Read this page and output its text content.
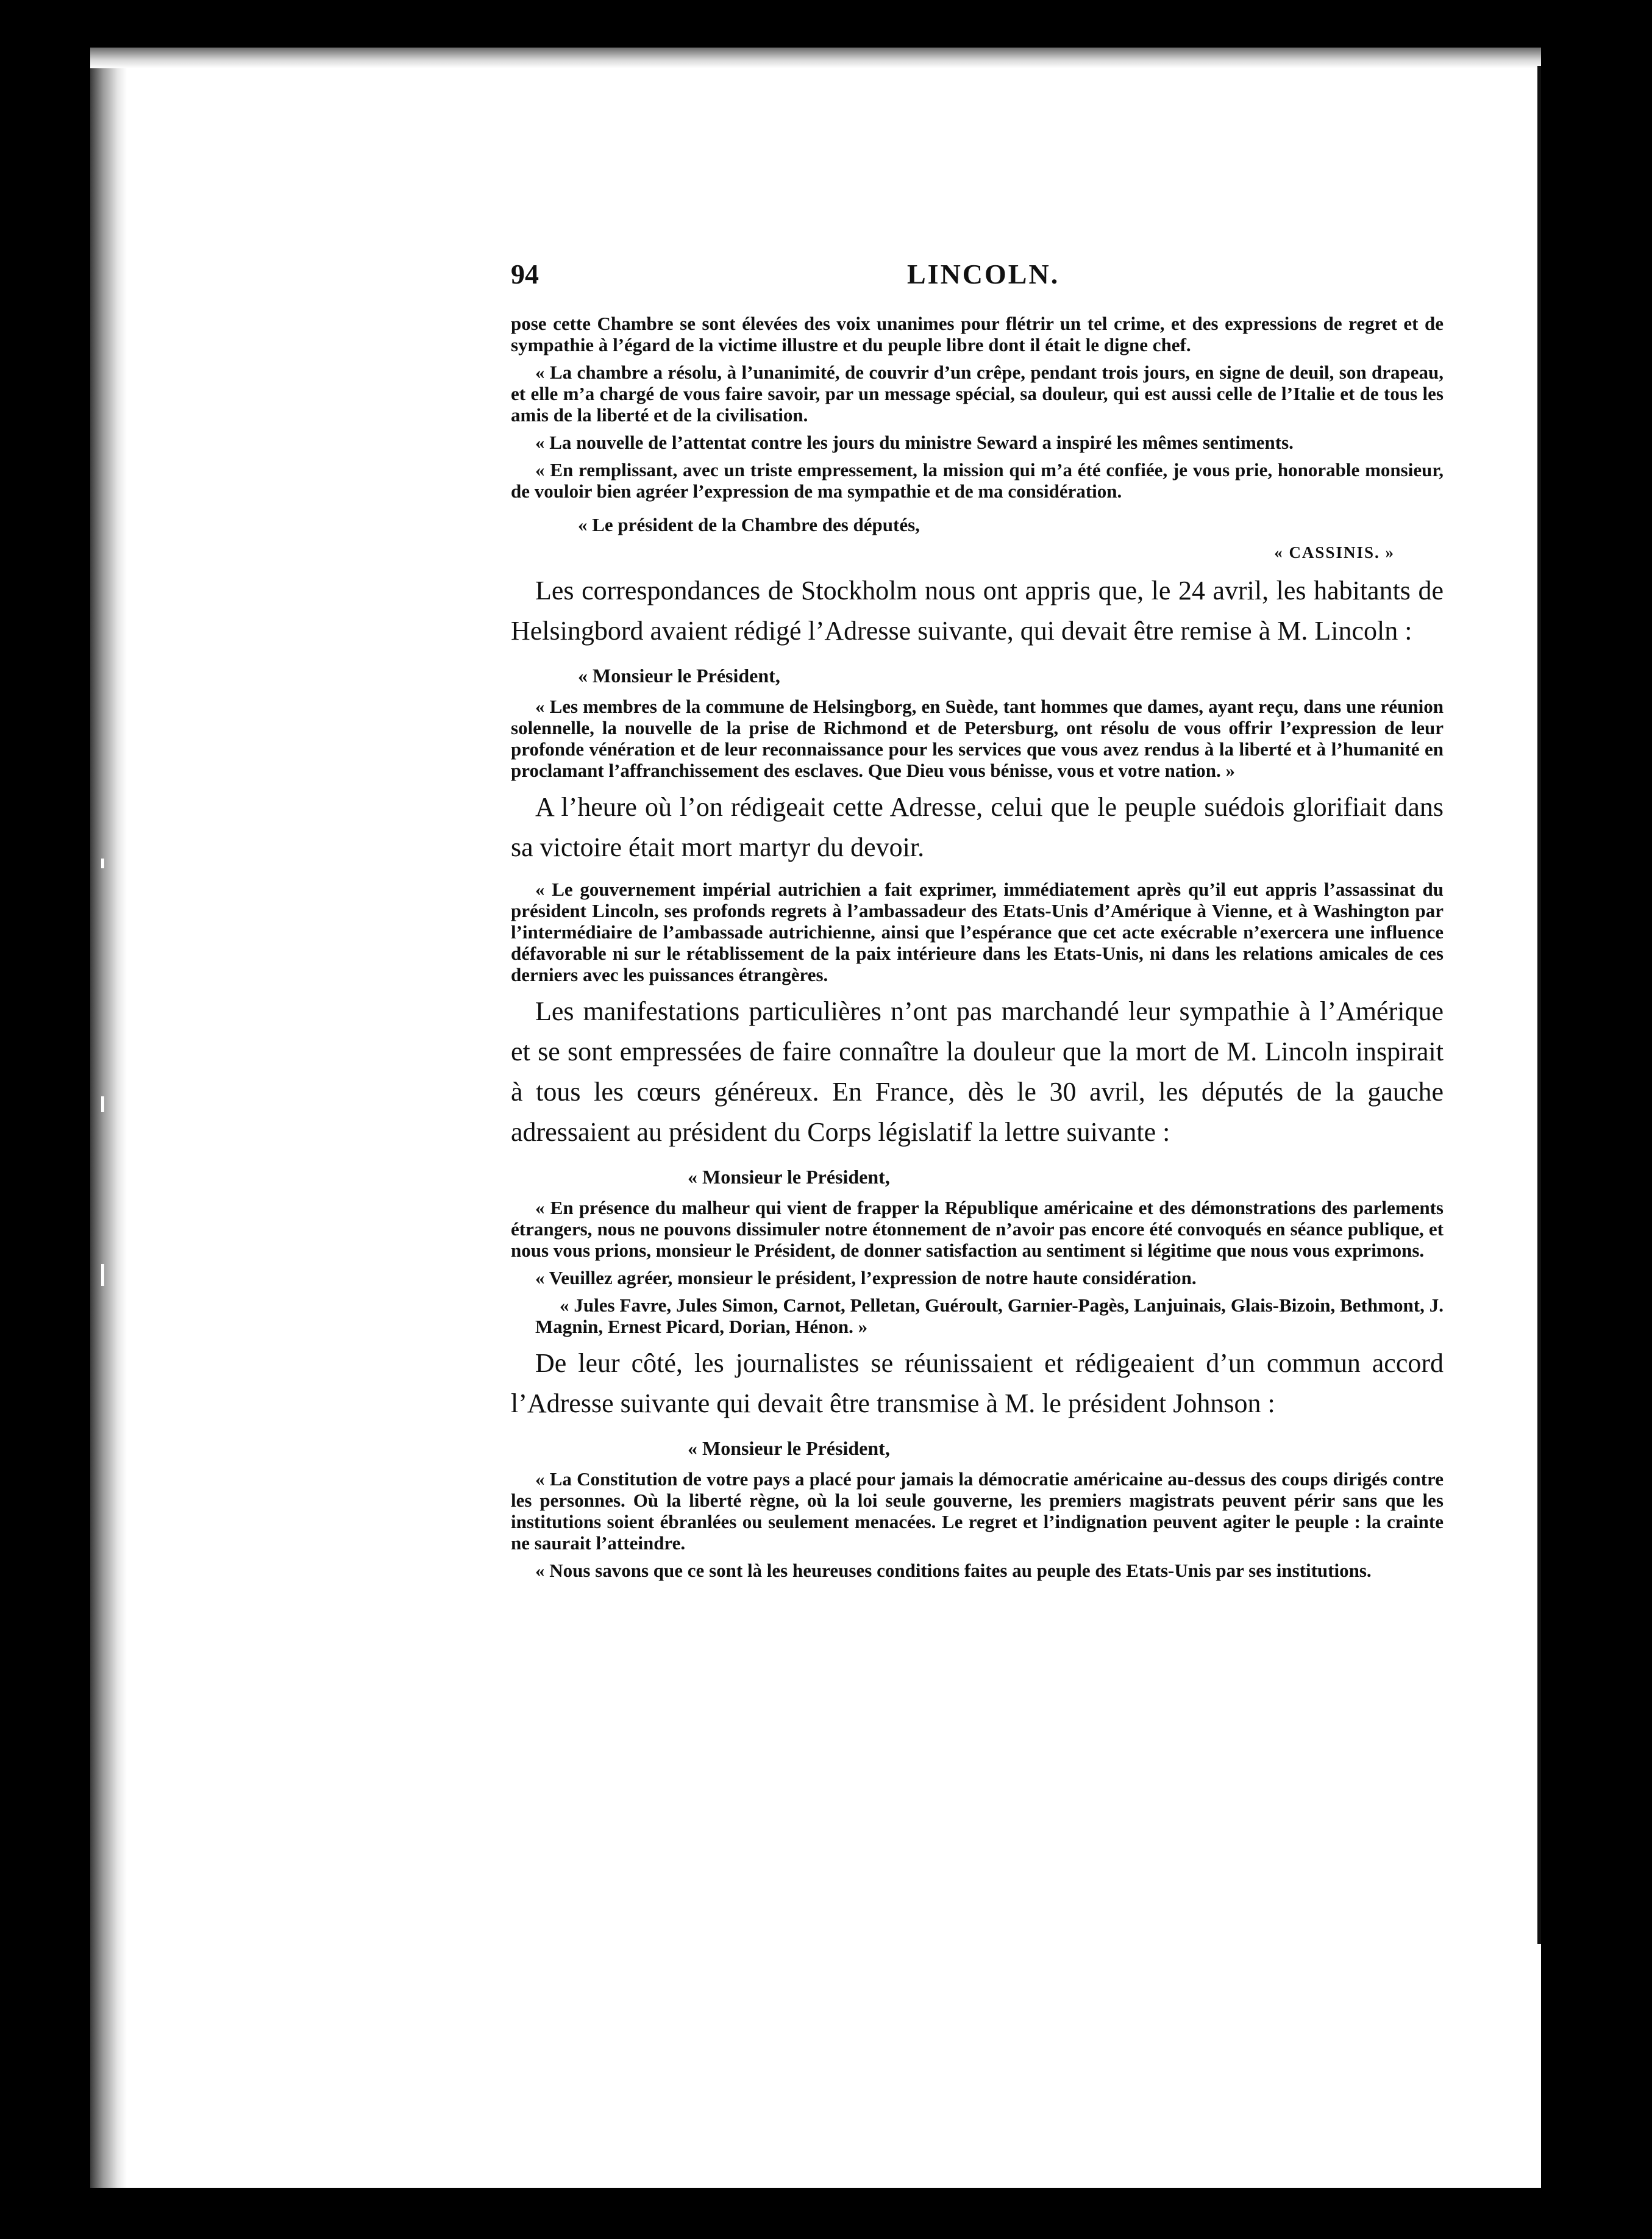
94	LINCOLN.

pose cette Chambre se sont élevées des voix unanimes pour flétrir un tel crime, et des expressions de regret et de sympathie à l’égard de la victime illustre et du peuple libre dont il était le digne chef.

« La chambre a résolu, à l’unanimité, de couvrir d’un crêpe, pendant trois jours, en signe de deuil, son drapeau, et elle m’a chargé de vous faire savoir, par un message spécial, sa douleur, qui est aussi celle de l’Italie et de tous les amis de la liberté et de la civilisation.

« La nouvelle de l’attentat contre les jours du ministre Seward a inspiré les mêmes sentiments.

« En remplissant, avec un triste empressement, la mission qui m’a été confiée, je vous prie, honorable monsieur, de vouloir bien agréer l’expression de ma sympathie et de ma considération.

« Le président de la Chambre des députés,
« CASSINIS. »

Les correspondances de Stockholm nous ont appris que, le 24 avril, les habitants de Helsingbord avaient rédigé l’Adresse suivante, qui devait être remise à M. Lincoln :

« Monsieur le Président,

« Les membres de la commune de Helsingborg, en Suède, tant hommes que dames, ayant reçu, dans une réunion solennelle, la nouvelle de la prise de Richmond et de Petersburg, ont résolu de vous offrir l’expression de leur profonde vénération et de leur reconnaissance pour les services que vous avez rendus à la liberté et à l’humanité en proclamant l’affranchissement des esclaves. Que Dieu vous bénisse, vous et votre nation. »

A l’heure où l’on rédigeait cette Adresse, celui que le peuple suédois glorifiait dans sa victoire était mort martyr du devoir.

« Le gouvernement impérial autrichien a fait exprimer, immédiatement après qu’il eut appris l’assassinat du président Lincoln, ses profonds regrets à l’ambassadeur des Etats-Unis d’Amérique à Vienne, et à Washington par l’intermédiaire de l’ambassade autrichienne, ainsi que l’espérance que cet acte exécrable n’exercera une influence défavorable ni sur le rétablissement de la paix intérieure dans les Etats-Unis, ni dans les relations amicales de ces derniers avec les puissances étrangères.

Les manifestations particulières n’ont pas marchandé leur sympathie à l’Amérique et se sont empressées de faire connaître la douleur que la mort de M. Lincoln inspirait à tous les cœurs généreux. En France, dès le 30 avril, les députés de la gauche adressaient au président du Corps législatif la lettre suivante :

« Monsieur le Président,

« En présence du malheur qui vient de frapper la République américaine et des démonstrations des parlements étrangers, nous ne pouvons dissimuler notre étonnement de n’avoir pas encore été convoqués en séance publique, et nous vous prions, monsieur le Président, de donner satisfaction au sentiment si légitime que nous vous exprimons.

« Veuillez agréer, monsieur le président, l’expression de notre haute considération.

« Jules Favre, Jules Simon, Carnot, Pelletan, Guéroult, Garnier-Pagès, Lanjuinais, Glais-Bizoin, Bethmont, J. Magnin, Ernest Picard, Dorian, Hénon. »

De leur côté, les journalistes se réunissaient et rédigeaient d’un commun accord l’Adresse suivante qui devait être transmise à M. le président Johnson :

« Monsieur le Président,

« La Constitution de votre pays a placé pour jamais la démocratie américaine au-dessus des coups dirigés contre les personnes. Où la liberté règne, où la loi seule gouverne, les premiers magistrats peuvent périr sans que les institutions soient ébranlées ou seulement menacées. Le regret et l’indignation peuvent agiter le peuple : la crainte ne saurait l’atteindre.

« Nous savons que ce sont là les heureuses conditions faites au peuple des Etats-Unis par ses institutions.
